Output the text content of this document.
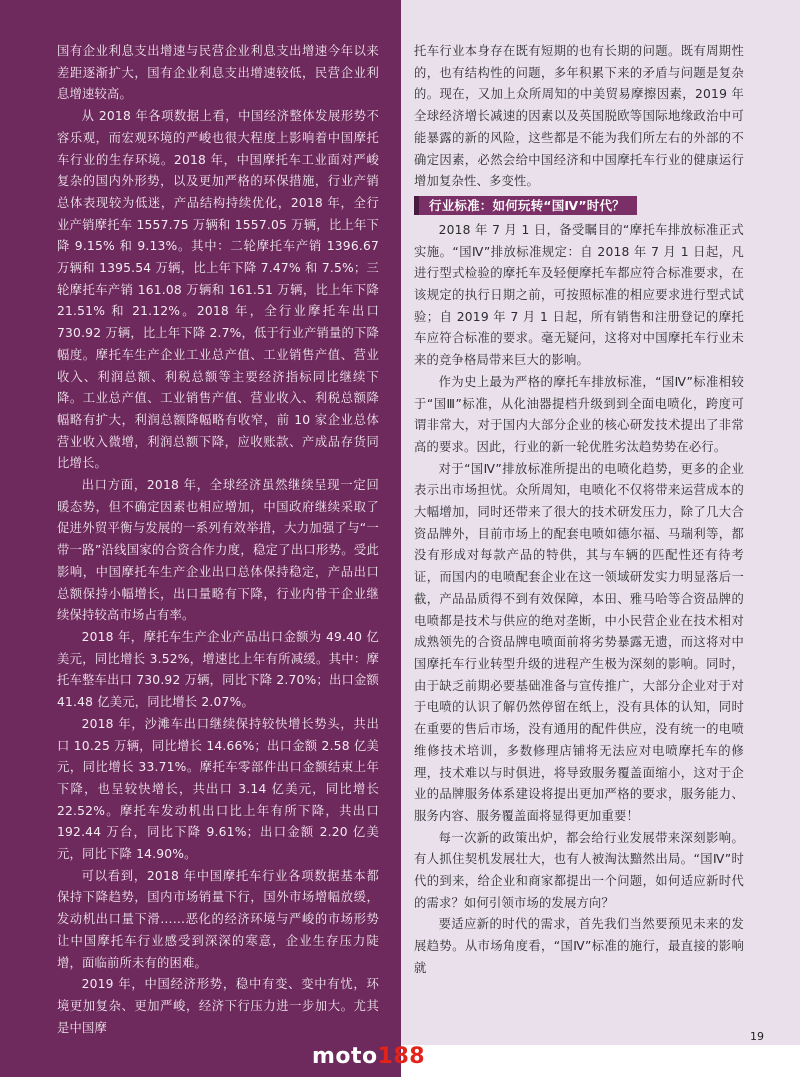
国有企业利息支出增速与民营企业利息支出增速今年以来差距逐渐扩大，国有企业利息支出增速较低，民营企业利息增速较高。

从 2018 年各项数据上看，中国经济整体发展形势不容乐观，而宏观环境的严峻也很大程度上影响着中国摩托车行业的生存环境。2018 年，中国摩托车工业面对严峻复杂的国内外形势，以及更加严格的环保措施，行业产销总体表现较为低迷，产品结构持续优化，2018 年，全行业产销摩托车 1557.75 万辆和 1557.05 万辆，比上年下降 9.15% 和 9.13%。其中：二轮摩托车产销 1396.67 万辆和 1395.54 万辆，比上年下降 7.47% 和 7.5%；三轮摩托车产销 161.08 万辆和 161.51 万辆，比上年下降 21.51% 和 21.12%。2018 年，全行业摩托车出口 730.92 万辆，比上年下降 2.7%，低于行业产销量的下降幅度。摩托车生产企业工业总产值、工业销售产值、营业收入、利润总额、利税总额等主要经济指标同比继续下降。工业总产值、工业销售产值、营业收入、利税总额降幅略有扩大，利润总额降幅略有收窄，前 10 家企业总体营业收入微增，利润总额下降，应收账款、产成品存货同比增长。

出口方面，2018 年，全球经济虽然继续呈现一定回暖态势，但不确定因素也相应增加，中国政府继续采取了促进外贸平衡与发展的一系列有效举措，大力加强了与“一带一路”沿线国家的合资合作力度，稳定了出口形势。受此影响，中国摩托车生产企业出口总体保持稳定，产品出口总额保持小幅增长，出口量略有下降，行业内骨干企业继续保持较高市场占有率。

2018 年，摩托车生产企业产品出口金额为 49.40 亿美元，同比增长 3.52%，增速比上年有所减缓。其中：摩托车整车出口 730.92 万辆，同比下降 2.70%；出口金额 41.48 亿美元，同比增长 2.07%。

2018 年，沙滩车出口继续保持较快增长势头，共出口 10.25 万辆，同比增长 14.66%；出口金额 2.58 亿美元，同比增长 33.71%。摩托车零部件出口金额结束上年下降，也呈较快增长，共出口 3.14 亿美元，同比增长 22.52%。摩托车发动机出口比上年有所下降，共出口 192.44 万台，同比下降 9.61%；出口金额 2.20 亿美元，同比下降 14.90%。

可以看到，2018 年中国摩托车行业各项数据基本都保持下降趋势，国内市场销量下行，国外市场增幅放缓，发动机出口量下滑……恶化的经济环境与严峻的市场形势让中国摩托车行业感受到深深的寒意，企业生存压力陡增，面临前所未有的困难。

2019 年，中国经济形势，稳中有变、变中有忧，环境更加复杂、更加严峻，经济下行压力进一步加大。尤其是中国摩

托车行业本身存在既有短期的也有长期的问题。既有周期性的，也有结构性的问题，多年积累下来的矛盾与问题是复杂的。现在，又加上众所周知的中美贸易摩擦因素，2019 年全球经济增长减速的因素以及英国脱欧等国际地缘政治中可能暴露的新的风险，这些都是不能为我们所左右的外部的不确定因素，必然会给中国经济和中国摩托车行业的健康运行增加复杂性、多变性。

行业标准：如何玩转“国Ⅳ”时代？

2018 年 7 月 1 日，备受瞩目的“摩托车排放标准正式实施。“国Ⅳ”排放标准规定：自 2018 年 7 月 1 日起，凡进行型式检验的摩托车及轻便摩托车都应符合标准要求，在该规定的执行日期之前，可按照标准的相应要求进行型式试验；自 2019 年 7 月 1 日起，所有销售和注册登记的摩托车应符合标准的要求。毫无疑问，这将对中国摩托车行业未来的竞争格局带来巨大的影响。

作为史上最为严格的摩托车排放标准，“国Ⅳ”标准相较于“国Ⅲ”标准，从化油器提档升级到到全面电喷化，跨度可谓非常大，对于国内大部分企业的核心研发技术提出了非常高的要求。因此，行业的新一轮优胜劣汰趋势势在必行。

对于“国Ⅳ”排放标准所提出的电喷化趋势，更多的企业表示出市场担忧。众所周知，电喷化不仅将带来运营成本的大幅增加，同时还带来了很大的技术研发压力，除了几大合资品牌外，目前市场上的配套电喷如德尔福、马瑞利等，都没有形成对每款产品的特供，其与车辆的匹配性还有待考证，而国内的电喷配套企业在这一领域研发实力明显落后一截，产品品质得不到有效保障，本田、雅马哈等合资品牌的电喷都是技术与供应的绝对垄断，中小民营企业在技术相对成熟领先的合资品牌电喷面前将劣势暴露无遗，而这将对中国摩托车行业转型升级的进程产生极为深刻的影响。同时，由于缺乏前期必要基础准备与宣传推广，大部分企业对于对于电喷的认识了解仍然停留在纸上，没有具体的认知，同时在重要的售后市场，没有通用的配件供应，没有统一的电喷维修技术培训，多数修理店铺将无法应对电喷摩托车的修理，技术难以与时俱进，将导致服务覆盖面缩小，这对于企业的品牌服务体系建设将提出更加严格的要求，服务能力、服务内容、服务覆盖面将显得更加重要！

每一次新的政策出炉，都会给行业发展带来深刻影响。有人抓住契机发展壮大，也有人被淘汰黯然出局。“国Ⅳ”时代的到来，给企业和商家都提出一个问题，如何适应新时代的需求？如何引领市场的发展方向？

要适应新的时代的需求，首先我们当然要预见未来的发展趋势。从市场角度看，“国Ⅳ”标准的施行，最直接的影响就

19
moto188.com
